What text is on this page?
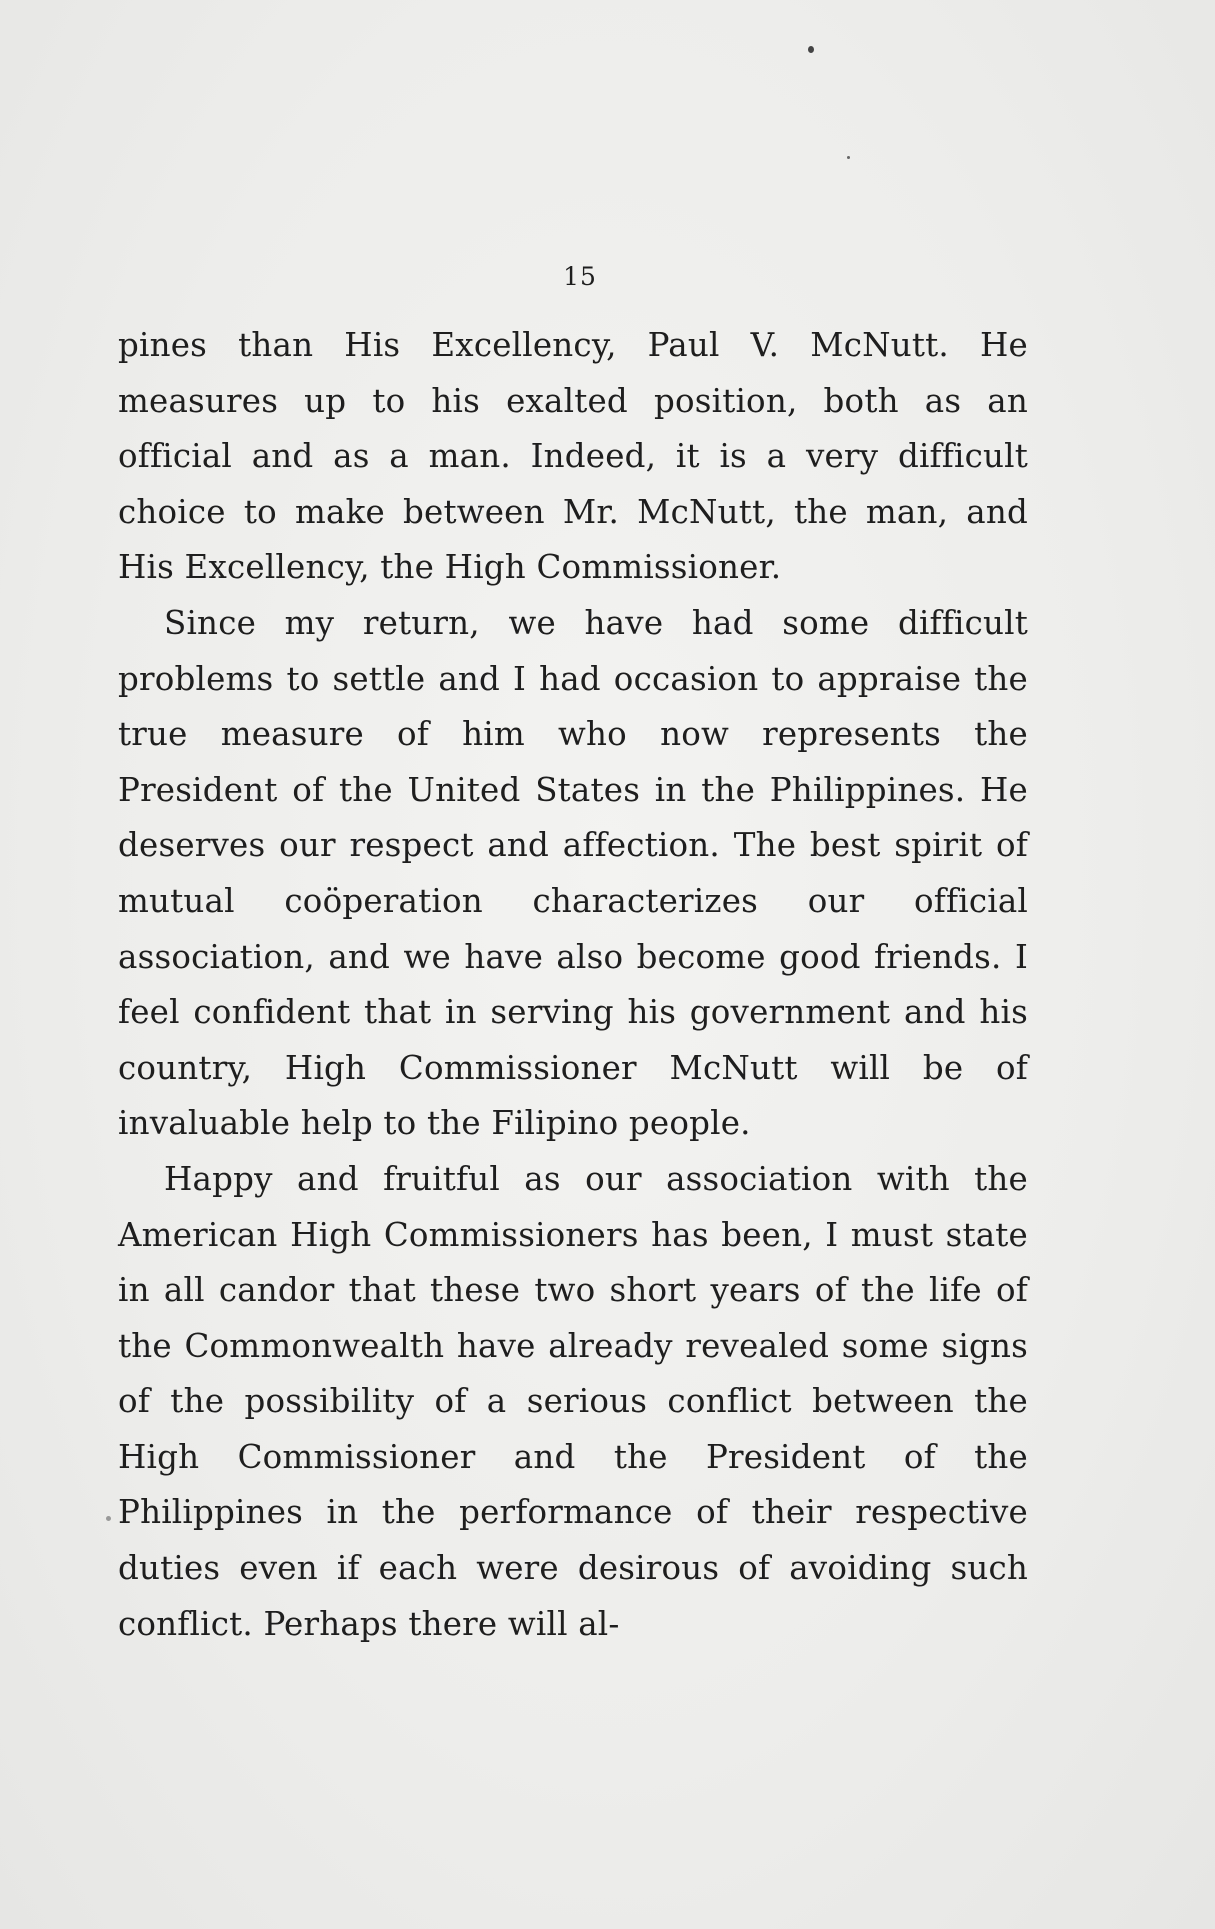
15

pines than His Excellency, Paul V. McNutt. He measures up to his exalted position, both as an official and as a man. Indeed, it is a very difficult choice to make between Mr. McNutt, the man, and His Excellency, the High Commissioner.

Since my return, we have had some difficult problems to settle and I had occasion to appraise the true measure of him who now represents the President of the United States in the Philippines. He deserves our respect and affection. The best spirit of mutual coöperation characterizes our official association, and we have also become good friends. I feel confident that in serving his government and his country, High Commissioner McNutt will be of invaluable help to the Filipino people.

Happy and fruitful as our association with the American High Commissioners has been, I must state in all candor that these two short years of the life of the Commonwealth have already revealed some signs of the possibility of a serious conflict between the High Commissioner and the President of the Philippines in the performance of their respective duties even if each were desirous of avoiding such conflict. Perhaps there will al-
